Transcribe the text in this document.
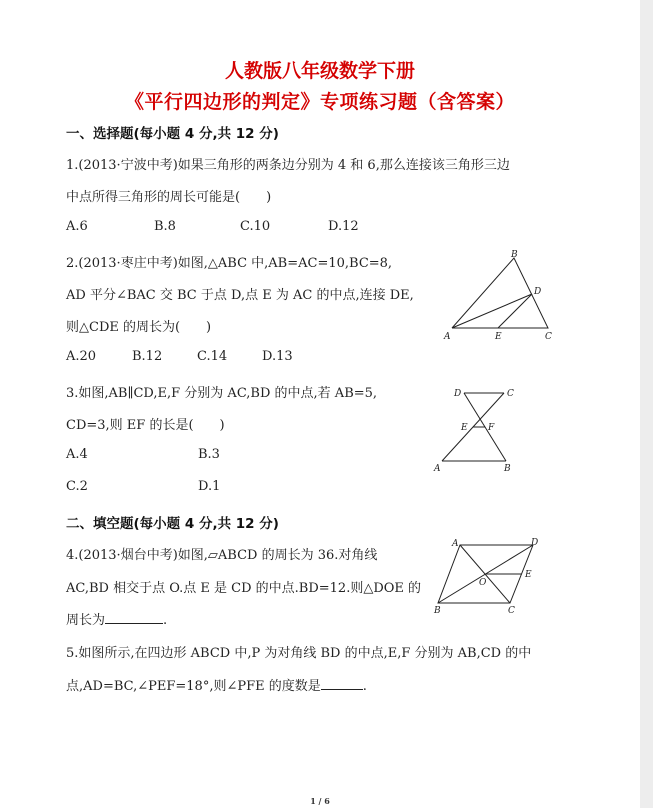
人教版八年级数学下册
《平行四边形的判定》专项练习题（含答案）
一、选择题(每小题 4 分,共 12 分)
1.(2013·宁波中考)如果三角形的两条边分别为 4 和 6,那么连接该三角形三边
中点所得三角形的周长可能是(　　)
A.6	B.8	C.10	D.12
2.(2013·枣庄中考)如图,△ABC 中,AB=AC=10,BC=8,
AD 平分∠BAC 交 BC 于点 D,点 E 为 AC 的中点,连接 DE,
则△CDE 的周长为(　　)
A.20	B.12	C.14	D.13
B
D
A	E	C
3.如图,AB∥CD,E,F 分别为 AC,BD 的中点,若 AB=5,
CD=3,则 EF 的长是(　　)
A.4	B.3
C.2	D.1
D	C
E F
A	B
二、填空题(每小题 4 分,共 12 分)
4.(2013·烟台中考)如图,▱ABCD 的周长为 36.对角线
AC,BD 相交于点 O.点 E 是 CD 的中点.BD=12.则△DOE 的
周长为	.
A	D
O
E
B	C
5.如图所示,在四边形 ABCD 中,P 为对角线 BD 的中点,E,F 分别为 AB,CD 的中
点,AD=BC,∠PEF=18°,则∠PFE 的度数是	.
1 / 6
